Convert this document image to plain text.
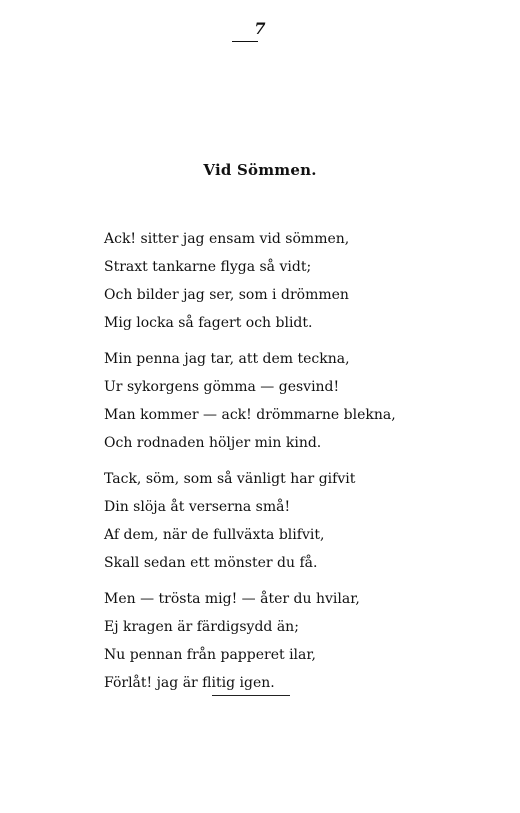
7
Vid Sömmen.
Ack! sitter jag ensam vid sömmen,
Straxt tankarne flyga så vidt;
Och bilder jag ser, som i drömmen
Mig locka så fagert och blidt.
Min penna jag tar, att dem teckna,
Ur sykorgens gömma — gesvind!
Man kommer — ack! drömmarne blekna,
Och rodnaden höljer min kind.
Tack, söm, som så vänligt har gifvit
Din slöja åt verserna små!
Af dem, när de fullväxta blifvit,
Skall sedan ett mönster du få.
Men — trösta mig! — åter du hvilar,
Ej kragen är färdigsydd än;
Nu pennan från papperet ilar,
Förlåt! jag är flitig igen.
